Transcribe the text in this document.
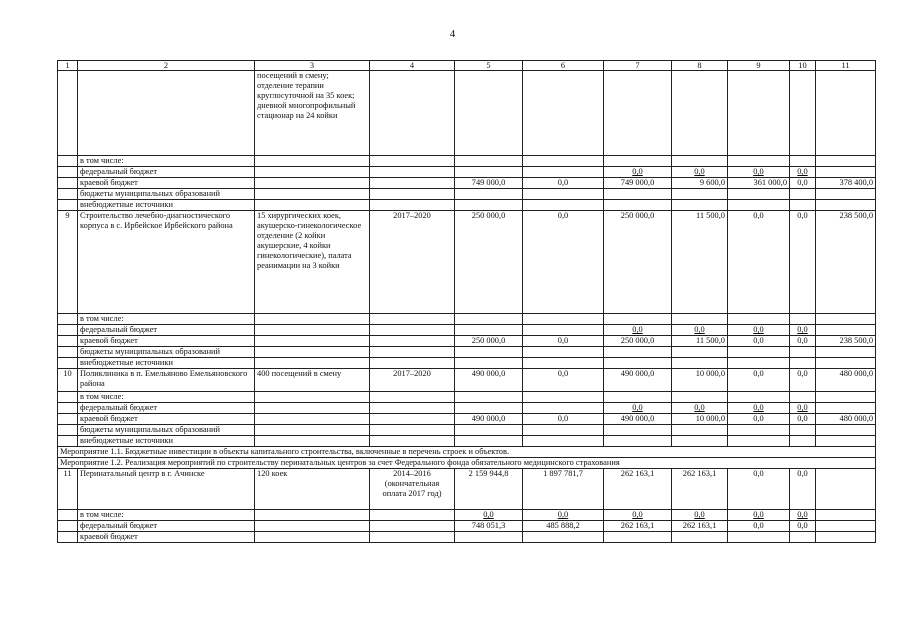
4
1	2	3	4	5	6	7	8	9	10	11
		посещений в смену; отделение терапии круглосуточной на 35 коек; дневной многопрофильный стационар на 24 койки								
	в том числе:									
	федеральный бюджет					0,0	0,0	0,0	0,0	
	краевой бюджет			749 000,0	0,0	749 000,0	9 600,0	361 000,0	0,0	378 400,0
	бюджеты муниципальных образований									
	внебюджетные источники									
9	Строительство лечебно-диагностического корпуса в с. Ирбейское Ирбейского района	15 хирургических коек, акушерско-гинекологическое отделение (2 койки акушерские, 4 койки гинекологические), палата реанимации на 3 койки	2017–2020	250 000,0	0,0	250 000,0	11 500,0	0,0	0,0	238 500,0
	в том числе:									
	федеральный бюджет					0,0	0,0	0,0	0,0	
	краевой бюджет			250 000,0	0,0	250 000,0	11 500,0	0,0	0,0	238 500,0
	бюджеты муниципальных образований									
	внебюджетные источники									
10	Поликлиника в п. Емельяново Емельяновского района	400 посещений в смену	2017–2020	490 000,0	0,0	490 000,0	10 000,0	0,0	0,0	480 000,0
	в том числе:									
	федеральный бюджет					0,0	0,0	0,0	0,0	
	краевой бюджет			490 000,0	0,0	490 000,0	10 000,0	0,0	0,0	480 000,0
	бюджеты муниципальных образований									
	внебюджетные источники									
Мероприятие 1.1. Бюджетные инвестиции в объекты капитального строительства, включенные в перечень строек и объектов.										
Мероприятие 1.2. Реализация мероприятий по строительству перинатальных центров за счет Федерального фонда обязательного медицинского страхования										
11	Перинатальный центр в г. Ачинске	120 коек	2014–2016 (окончательная оплата 2017 год)	2 159 944,8	1 897 781,7	262 163,1	262 163,1	0,0	0,0	
	в том числе:			0,0	0,0	0,0	0,0	0,0	0,0	
	федеральный бюджет			748 051,3	485 888,2	262 163,1	262 163,1	0,0	0,0	
	краевой бюджет									
